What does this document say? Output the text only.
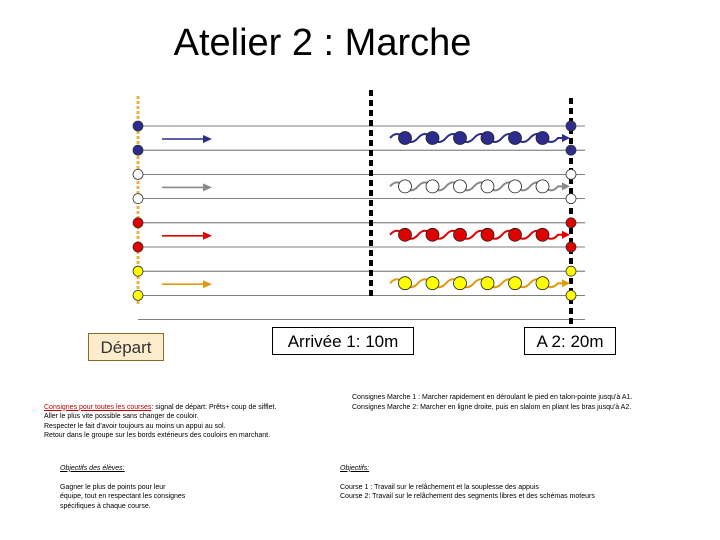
Atelier 2 : Marche
Départ	Arrivée 1: 10m	A 2: 20m

Consignes pour toutes les courses: signal de départ: Prêts+ coup de sifflet.

Aller le plus vite possible sans changer de couloir.
Respecter le fait d'avoir toujours au moins un appui au sol.
Retour dans le groupe sur les bords extérieurs des couloirs en marchant.

Consignes Marche 1 : Marcher rapidement en déroulant le pied en talon-pointe jusqu'à A1.
Consignes Marche 2: Marcher en ligne droite, puis en slalom en pliant les bras jusqu'à A2.

Objectifs des élèves:

Gagner le plus de points pour leur équipe, tout en respectant les consignes spécifiques à chaque course.

Objectifs:

Course 1 : Travail sur le relâchement et la souplesse des appuis
Course 2: Travail sur le relâchement des segments libres et des schémas moteurs
